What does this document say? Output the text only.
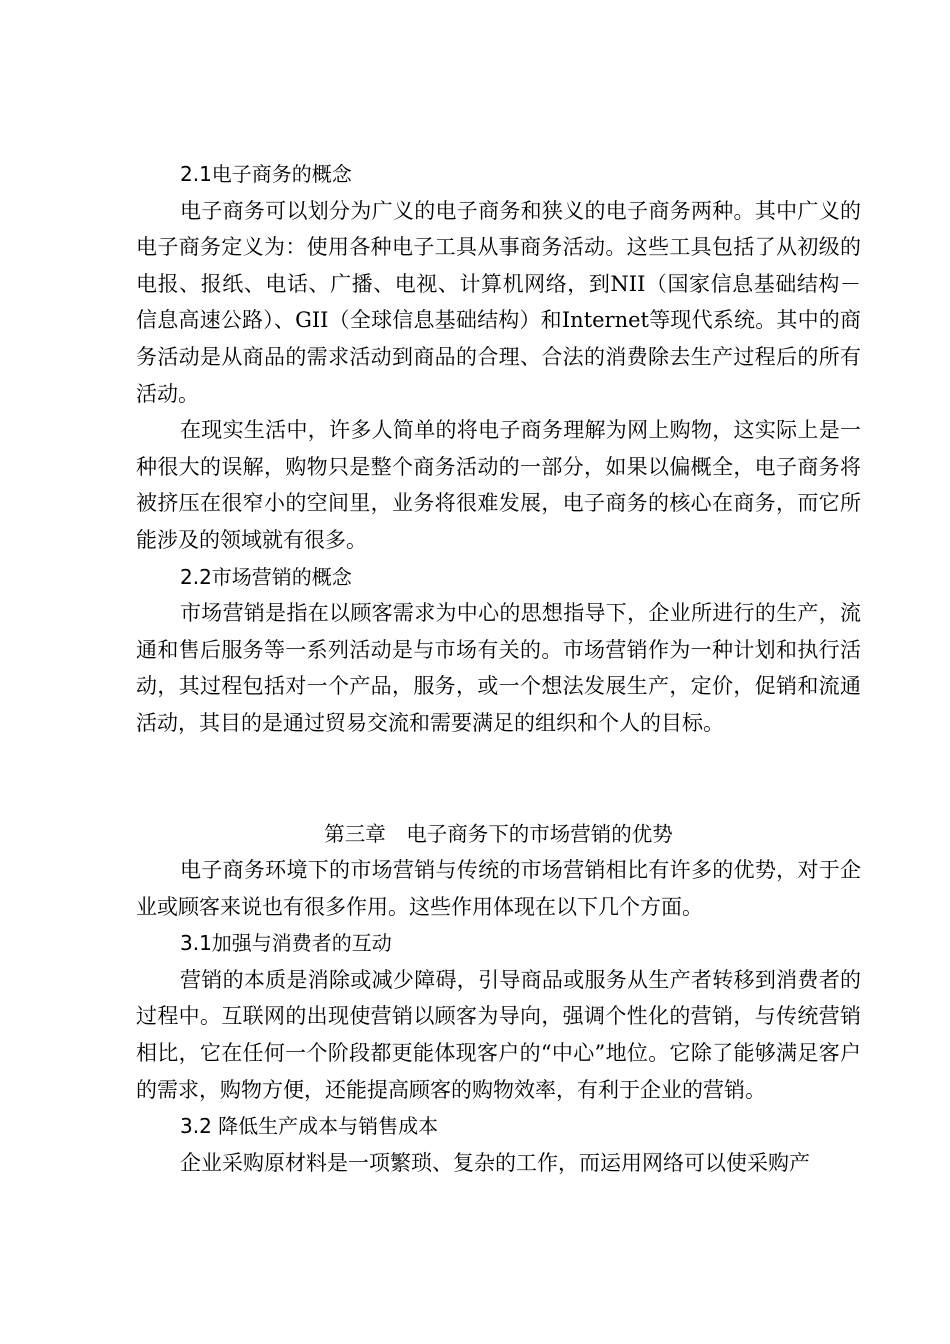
2.1电子商务的概念

电子商务可以划分为广义的电子商务和狭义的电子商务两种。其中广义的电子商务定义为：使用各种电子工具从事商务活动。这些工具包括了从初级的电报、报纸、电话、广播、电视、计算机网络，到NII（国家信息基础结构－信息高速公路）、GII（全球信息基础结构）和Internet等现代系统。其中的商务活动是从商品的需求活动到商品的合理、合法的消费除去生产过程后的所有活动。

在现实生活中，许多人简单的将电子商务理解为网上购物，这实际上是一种很大的误解，购物只是整个商务活动的一部分，如果以偏概全，电子商务将被挤压在很窄小的空间里，业务将很难发展，电子商务的核心在商务，而它所能涉及的领域就有很多。

2.2市场营销的概念

市场营销是指在以顾客需求为中心的思想指导下，企业所进行的生产，流通和售后服务等一系列活动是与市场有关的。市场营销作为一种计划和执行活动，其过程包括对一个产品，服务，或一个想法发展生产，定价，促销和流通活动，其目的是通过贸易交流和需要满足的组织和个人的目标。

第三章　电子商务下的市场营销的优势

电子商务环境下的市场营销与传统的市场营销相比有许多的优势，对于企业或顾客来说也有很多作用。这些作用体现在以下几个方面。

3.1加强与消费者的互动

营销的本质是消除或减少障碍，引导商品或服务从生产者转移到消费者的过程中。互联网的出现使营销以顾客为导向，强调个性化的营销，与传统营销相比，它在任何一个阶段都更能体现客户的“中心”地位。它除了能够满足客户的需求，购物方便，还能提高顾客的购物效率，有利于企业的营销。

3.2 降低生产成本与销售成本

企业采购原材料是一项繁琐、复杂的工作，而运用网络可以使采购产
